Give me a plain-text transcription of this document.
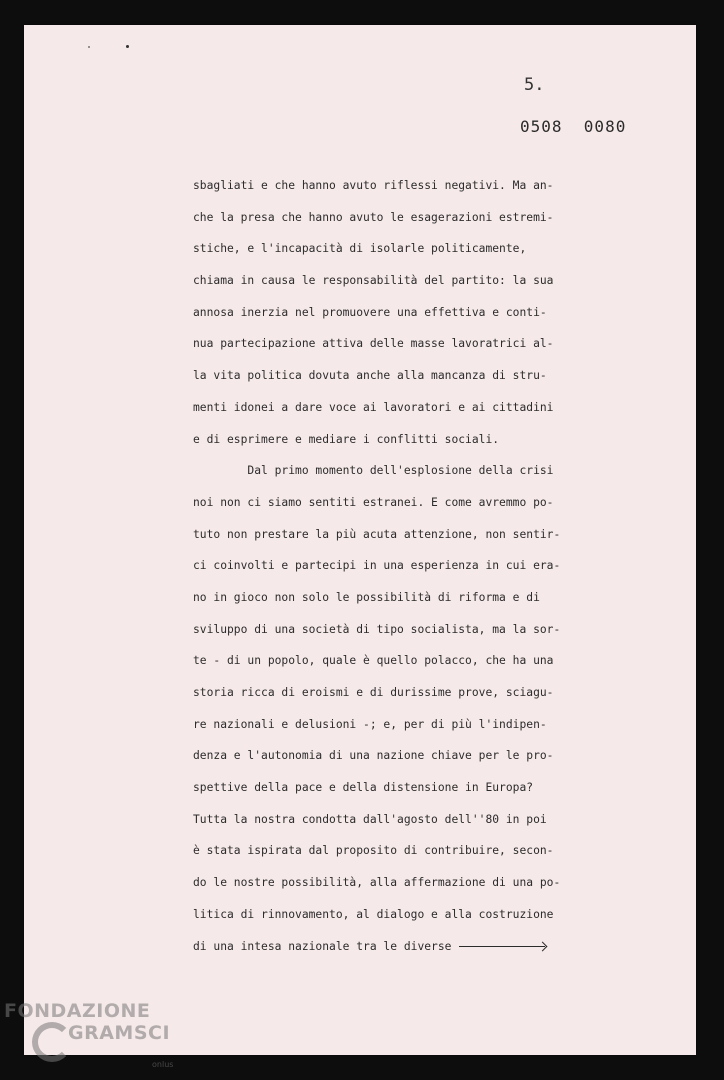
5.
0508  0080
sbagliati e che hanno avuto riflessi negativi. Ma an-
che la presa che hanno avuto le esagerazioni estremi-
stiche, e l'incapacità di isolarle politicamente,
chiama in causa le responsabilità del partito: la sua
annosa inerzia nel promuovere una effettiva e conti-
nua partecipazione attiva delle masse lavoratrici al-
la vita politica dovuta anche alla mancanza di stru-
menti idonei a dare voce ai lavoratori e ai cittadini
e di esprimere e mediare i conflitti sociali.
Dal primo momento dell'esplosione della crisi
noi non ci siamo sentiti estranei. E come avremmo po-
tuto non prestare la più acuta attenzione, non sentir-
ci coinvolti e partecipi in una esperienza in cui era-
no in gioco non solo le possibilità di riforma e di
sviluppo di una società di tipo socialista, ma la sor-
te - di un popolo, quale è quello polacco, che ha una
storia ricca di eroismi e di durissime prove, sciagu-
re nazionali e delusioni -; e, per di più l'indipen-
denza e l'autonomia di una nazione chiave per le pro-
spettive della pace e della distensione in Europa?
Tutta la nostra condotta dall'agosto dell''80 in poi
è stata ispirata dal proposito di contribuire, secon-
do le nostre possibilità, alla affermazione di una po-
litica di rinnovamento, al dialogo e alla costruzione
di una intesa nazionale tra le diverse
FONDAZIONE
GRAMSCI
onlus
